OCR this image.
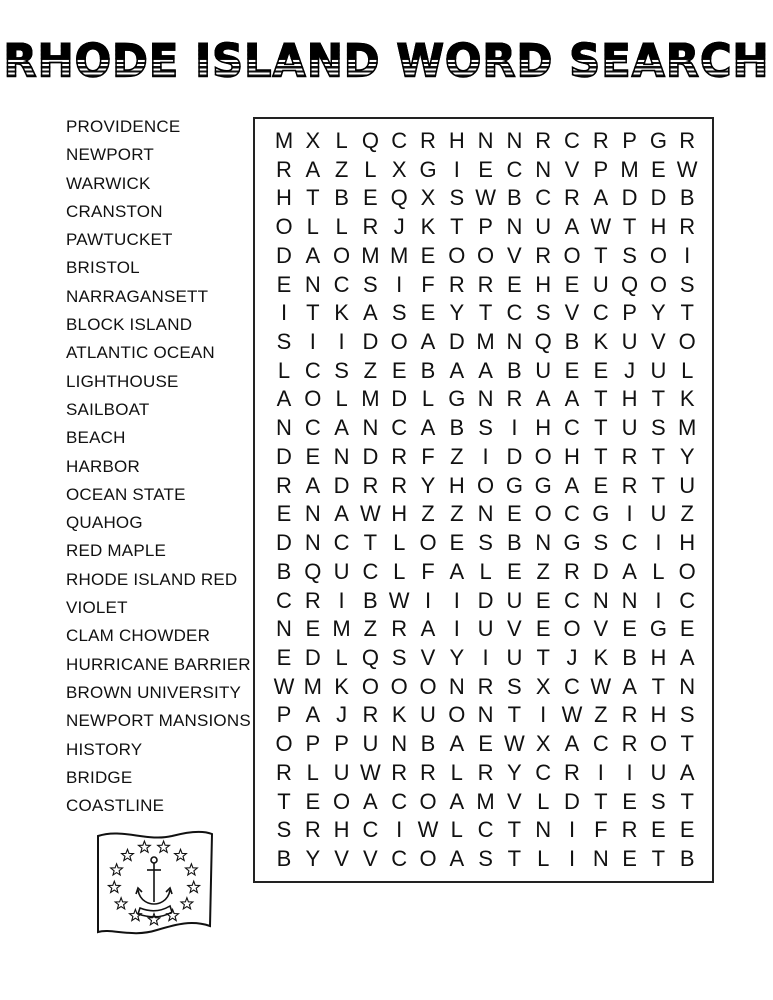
RHODE ISLAND WORD SEARCH
PROVIDENCE
NEWPORT
WARWICK
CRANSTON
PAWTUCKET
BRISTOL
NARRAGANSETT
BLOCK ISLAND
ATLANTIC OCEAN
LIGHTHOUSE
SAILBOAT
BEACH
HARBOR
OCEAN STATE
QUAHOG
RED MAPLE
RHODE ISLAND RED
VIOLET
CLAM CHOWDER
HURRICANE BARRIER
BROWN UNIVERSITY
NEWPORT MANSIONS
HISTORY
BRIDGE
COASTLINE
M X L Q C R H N N R C R P G R
R A Z L X G I E C N V P M E W
H T B E Q X S W B C R A D D B
O L L R J K T P N U A W T H R
D A O M M E O O V R O T S O I
E N C S I F R R E H E U Q O S
I T K A S E Y T C S V C P Y T
S I	I D O A D M N Q B K U V O
L C S Z E B A A B U E E J U L
A O L M D L G N R A A T H T K
N C A N C A B S I H C T U S M
D E N D R F Z I D O H T R T Y
R A D R R Y H O G G A E R T U
E N A W H Z Z N E O C G I U Z
D N C T L O E S B N G S C I H
B Q U C L F A L E Z R D A L O
C R I B W I	I D U E C N N I C
N E M Z R A I U V E O V E G E
E D L Q S V Y I U T J K B H A
W M K O O O N R S X C W A T N
P A J R K U O N T I W Z R H S
O P P U N B A E W X A C R O T
R L U W R R L R Y C R I	I U A
T E O A C O A M V L D T E S T
S R H C I W L C T N I F R E E
B Y V V C O A S T L I N E T B
